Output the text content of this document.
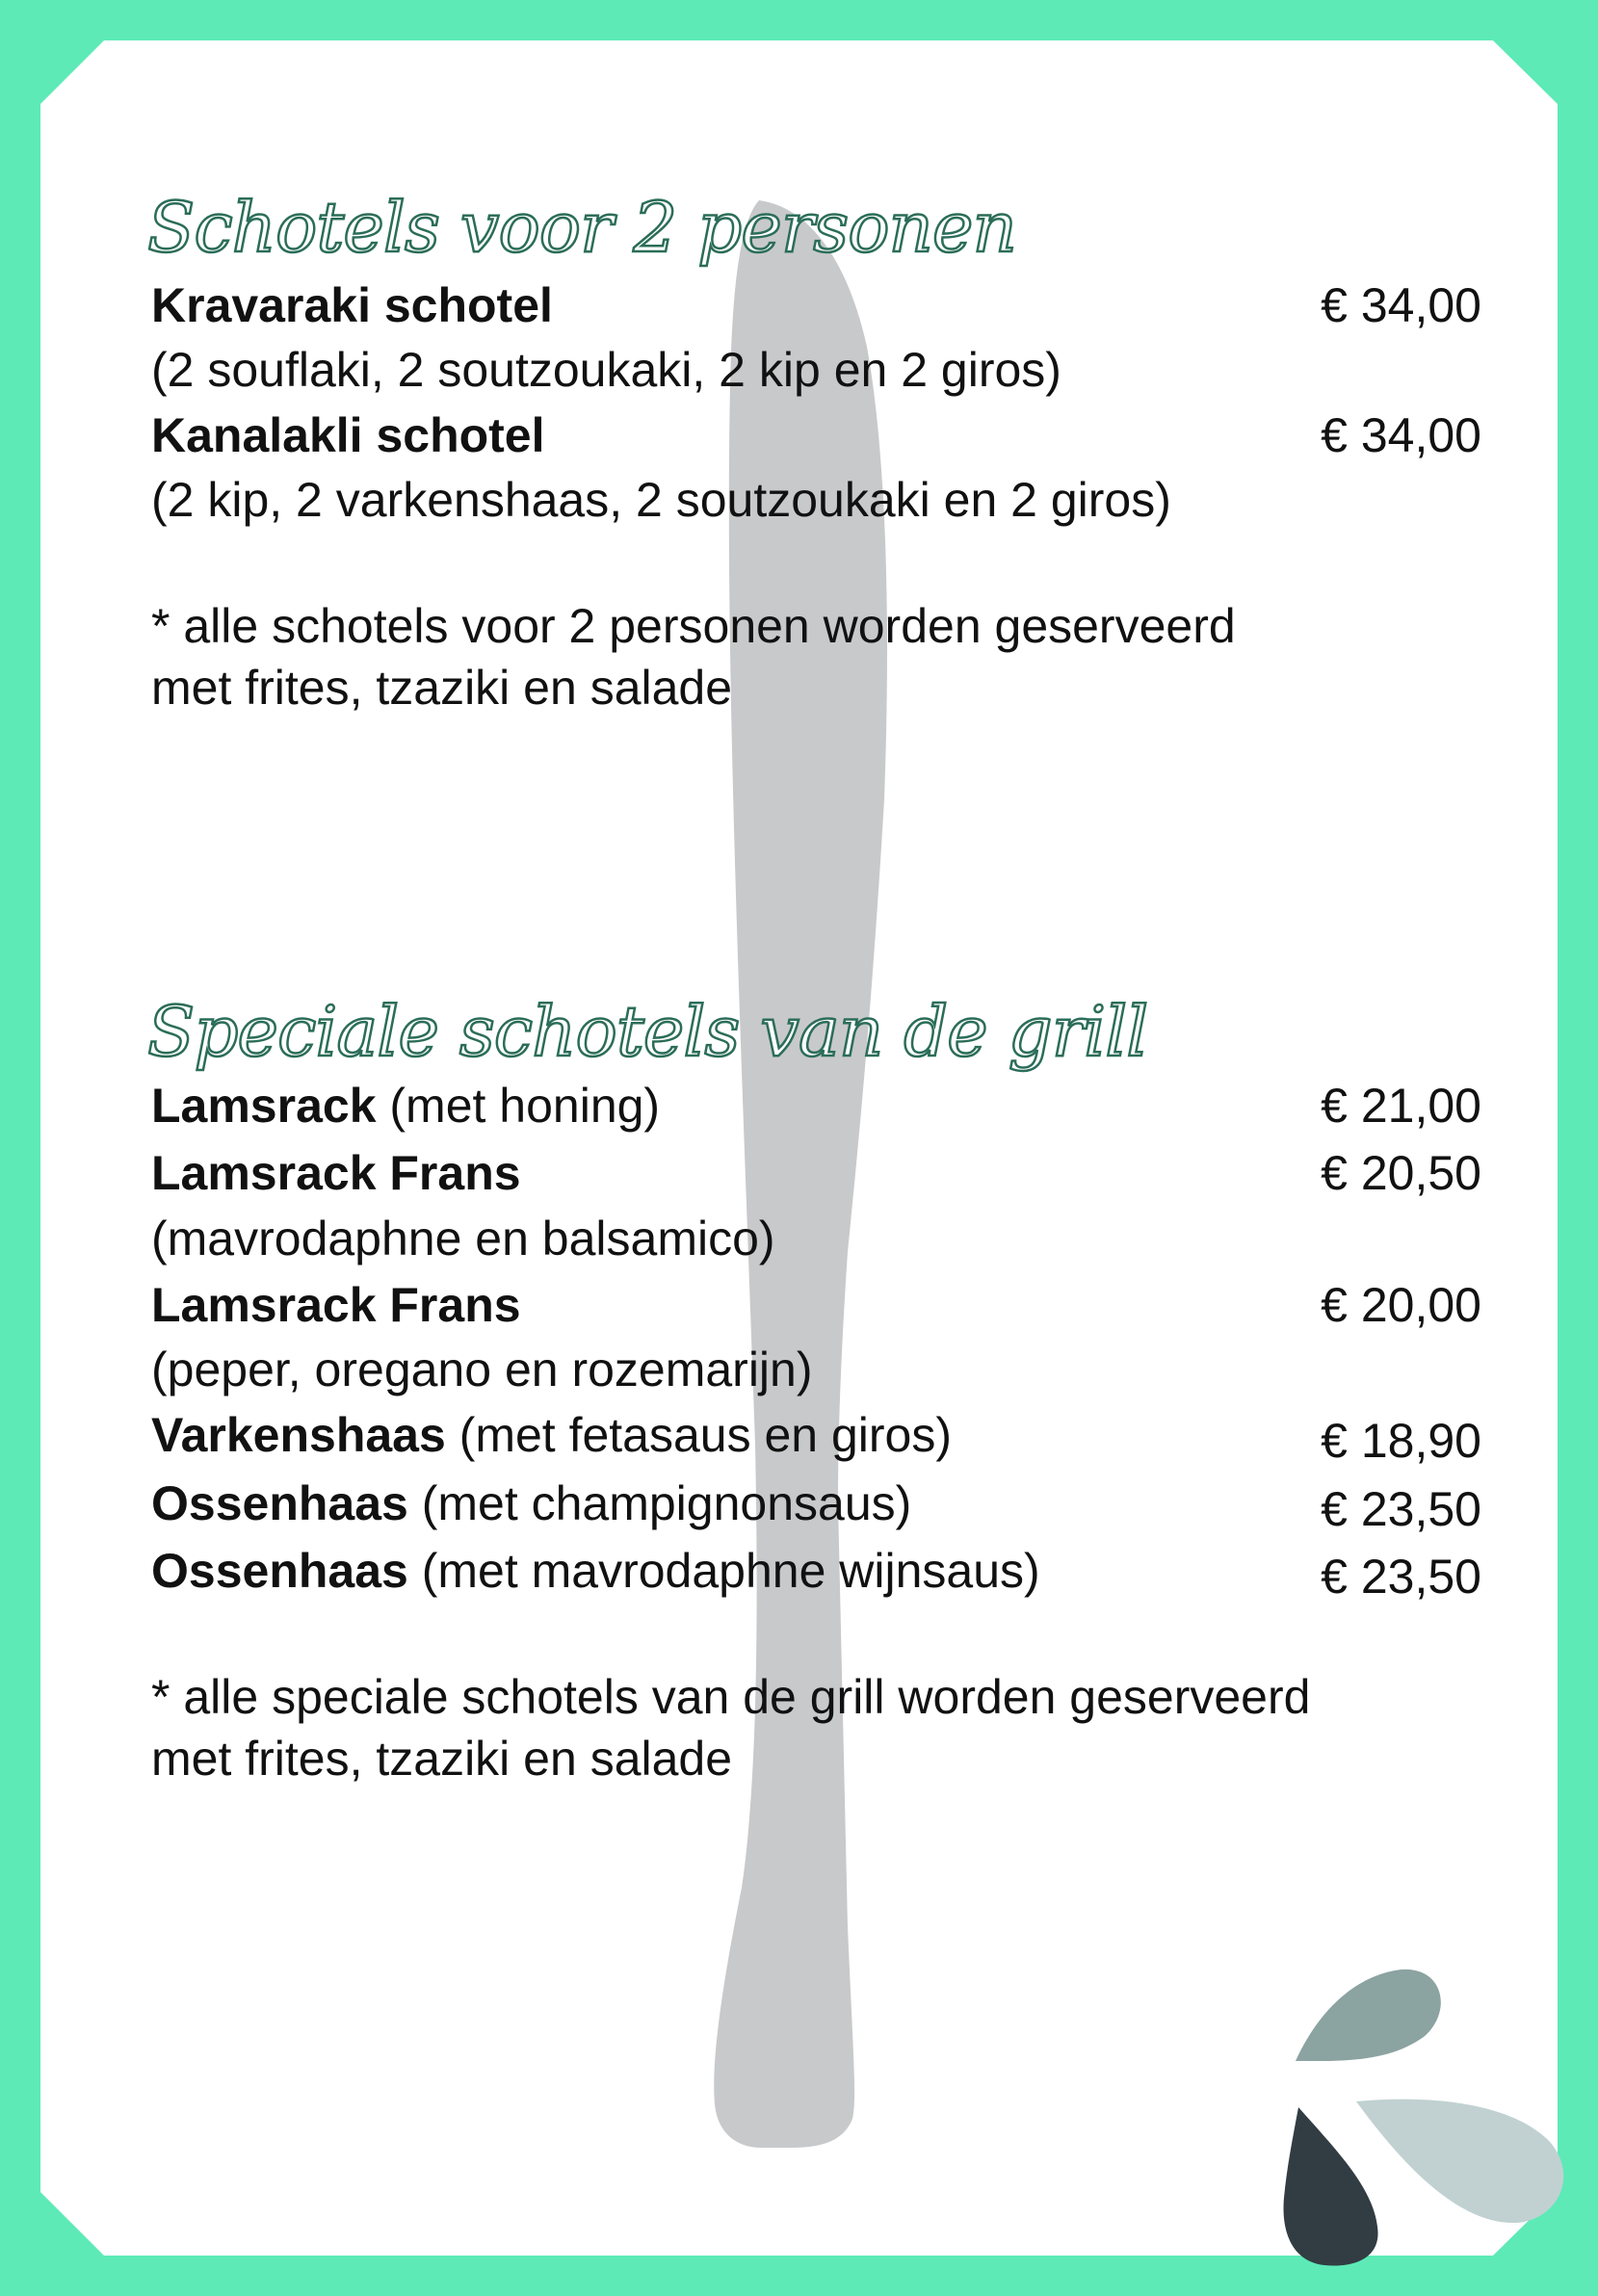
Schotels voor 2 personen
Kravaraki schotel	€ 34,00
(2 souflaki, 2 soutzoukaki, 2 kip en 2 giros)
Kanalakli schotel	€ 34,00
(2 kip, 2 varkenshaas, 2 soutzoukaki en 2 giros)
* alle schotels voor 2 personen worden geserveerd
met frites, tzaziki en salade
Speciale schotels van de grill
Lamsrack (met honing)	€ 21,00
Lamsrack Frans	€ 20,50
(mavrodaphne en balsamico)
Lamsrack Frans	€ 20,00
(peper, oregano en rozemarijn)
Varkenshaas (met fetasaus en giros)	€ 18,90
Ossenhaas (met champignonsaus)	€ 23,50
Ossenhaas (met mavrodaphne wijnsaus)	€ 23,50
* alle speciale schotels van de grill worden geserveerd
met frites, tzaziki en salade
